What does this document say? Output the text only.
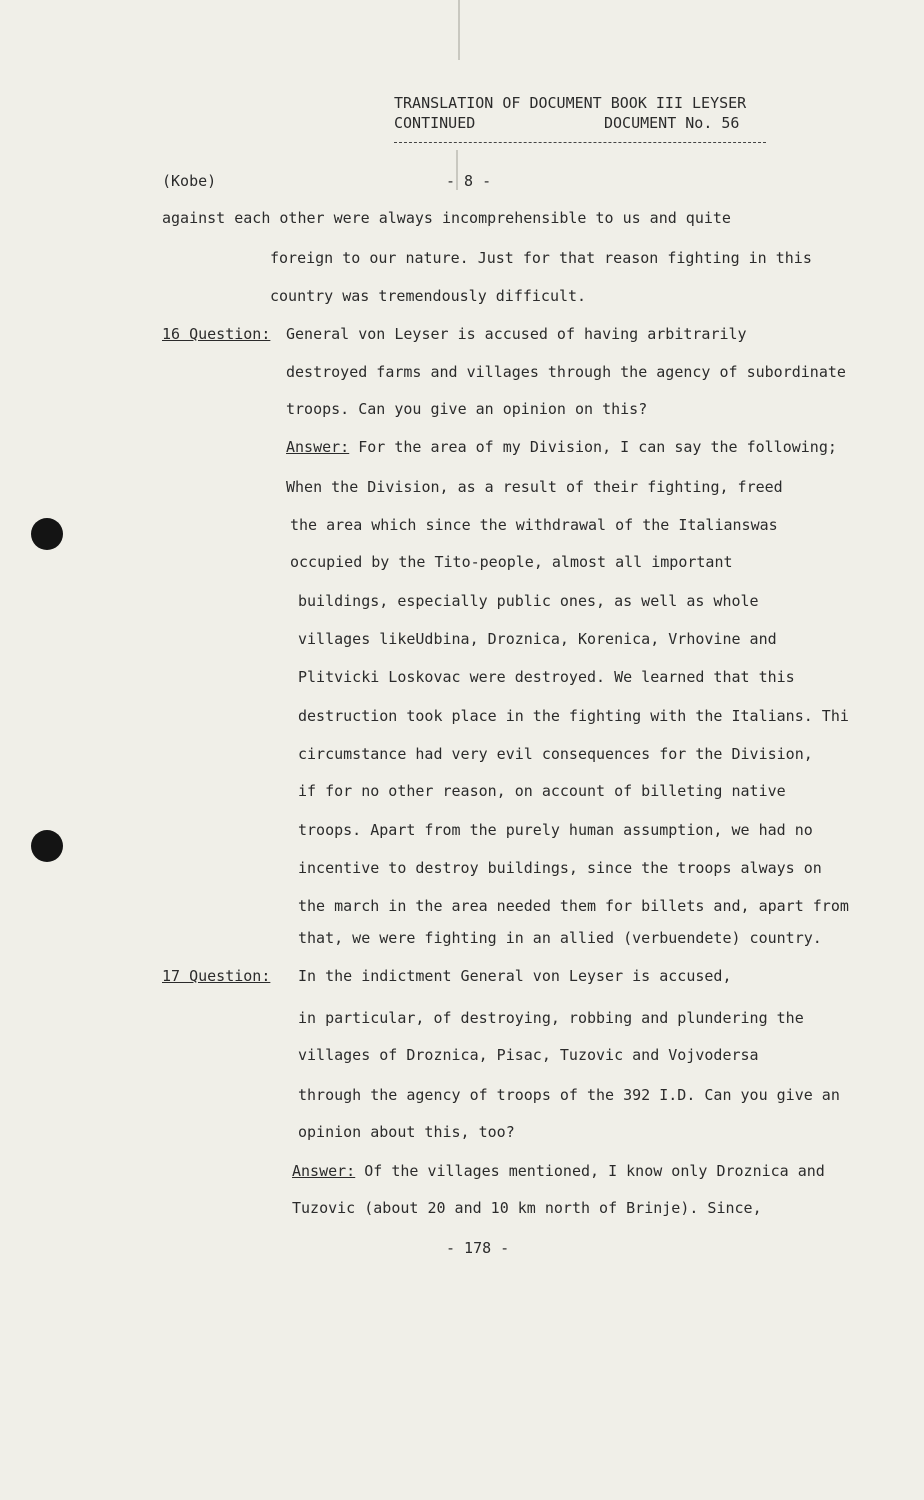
TRANSLATION OF DOCUMENT BOOK III LEYSER
CONTINUED	DOCUMENT No. 56
(Kobe)	- 8 -
against each other were always incomprehensible to us and quite
foreign to our nature. Just for that reason fighting in this
country was tremendously difficult.
16 Question: General von Leyser is accused of having arbitrarily
destroyed farms and villages through the agency of subordinate
troops. Can you give an opinion on this?
Answer: For the area of my Division, I can say the following;
When the Division, as a result of their fighting, freed
the area which since the withdrawal of the Italianswas
occupied by the Tito-people, almost all important
buildings, especially public ones, as well as whole
villages likeUdbina, Droznica, Korenica, Vrhovine and
Plitvicki Loskovac were destroyed. We learned that this
destruction took place in the fighting with the Italians. Thi
circumstance had very evil consequences for the Division,
if for no other reason, on account of billeting native
troops. Apart from the purely human assumption, we had no
incentive to destroy buildings, since the troops always on
the march in the area needed them for billets and, apart from
that, we were fighting in an allied (verbuendete) country.
17 Question: In the indictment General von Leyser is accused,
in particular, of destroying, robbing and plundering the
villages of Droznica, Pisac, Tuzovic and Vojvodersa
through the agency of troops of the 392 I.D. Can you give an
opinion about this, too?
Answer: Of the villages mentioned, I know only Droznica and
Tuzovic (about 20 and 10 km north of Brinje). Since,
- 178 -
